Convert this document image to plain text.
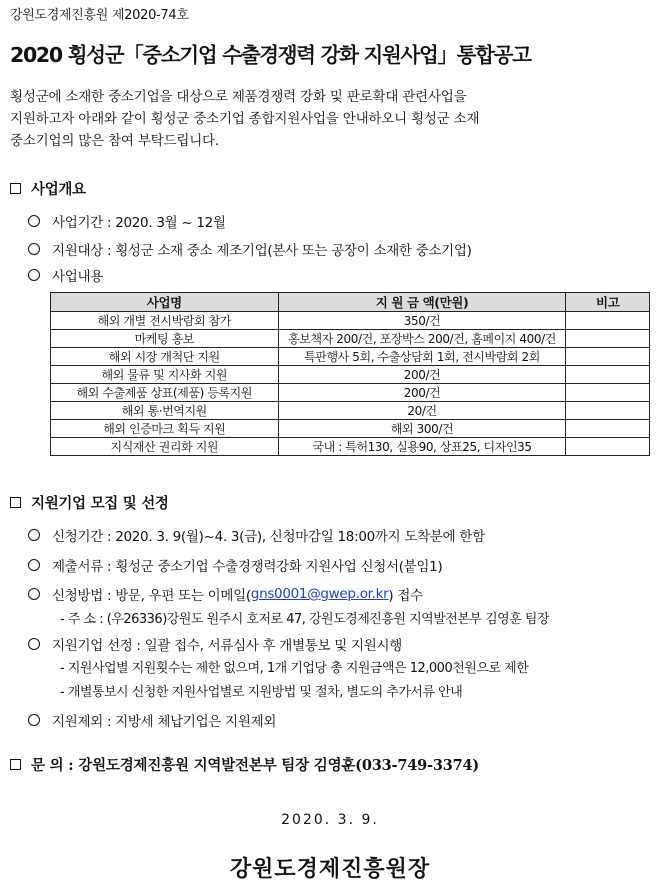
강원도경제진흥원 제2020-74호
2020 횡성군「중소기업 수출경쟁력 강화 지원사업」통합공고

횡성군에 소재한 중소기업을 대상으로 제품경쟁력 강화 및 판로확대 관련사업을

지원하고자 아래와 같이 횡성군 중소기업 종합지원사업을 안내하오니 횡성군 소재

중소기업의 많은 참여 부탁드립니다.

사업개요
사업기간 : 2020. 3월 ~ 12월
지원대상 : 횡성군 소재 중소 제조기업(본사 또는 공장이 소재한 중소기업)
사업내용
사업명	지 원 금 액(만원)	비고
해외 개별 전시박람회 참가	350/건	
마케팅 홍보	홍보책자 200/건, 포장박스 200/건, 홈페이지 400/건	
해외 시장 개척단 지원	특판행사 5회, 수출상담회 1회, 전시박람회 2회	
해외 물류 및 지사화 지원	200/건	
해외 수출제품 상표(제품) 등록지원	200/건	
해외 통·번역지원	20/건	
해외 인증마크 획득 지원	해외 300/건	
지식재산 권리화 지원	국내 : 특허130, 실용90, 상표25, 디자인35	
지원기업 모집 및 선정
신청기간 : 2020. 3. 9(월)~4. 3(금), 신청마감일 18:00까지 도착분에 한함
제출서류 : 횡성군 중소기업 수출경쟁력강화 지원사업 신청서(붙임1)
신청방법 : 방문, 우편 또는 이메일( gns0001@gwep.or.kr ) 접수
- 주 소 : (우26336)강원도 원주시 호저로 47, 강원도경제진흥원 지역발전본부 김영훈 팀장
지원기업 선정 : 일괄 접수, 서류심사 후 개별통보 및 지원시행
- 지원사업별 지원횟수는 제한 없으며, 1개 기업당 총 지원금액은 12,000천원으로 제한
- 개별통보시 신청한 지원사업별로 지원방법 및 절차, 별도의 추가서류 안내
지원제외 : 지방세 체납기업은 지원제외
문 의 : 강원도경제진흥원 지역발전본부 팀장 김영훈(033-749-3374)
2020. 3. 9.
강원도경제진흥원장
